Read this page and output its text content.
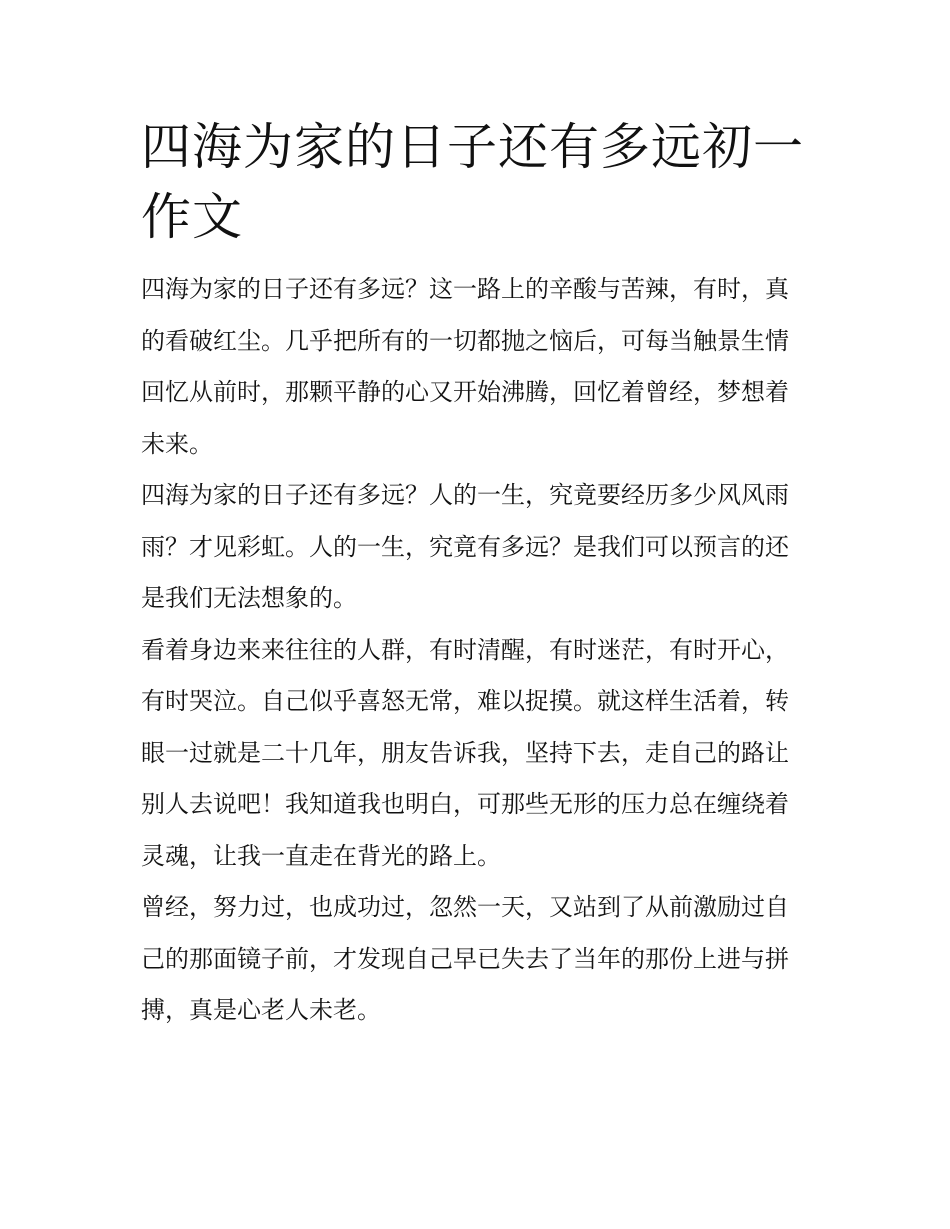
四海为家的日子还有多远初一
作文
四海为家的日子还有多远？这一路上的辛酸与苦辣，有时，真
的看破红尘。几乎把所有的一切都抛之恼后，可每当触景生情
回忆从前时，那颗平静的心又开始沸腾，回忆着曾经，梦想着
未来。
四海为家的日子还有多远？人的一生，究竟要经历多少风风雨
雨？才见彩虹。人的一生，究竟有多远？是我们可以预言的还
是我们无法想象的。
看着身边来来往往的人群，有时清醒，有时迷茫，有时开心，
有时哭泣。自己似乎喜怒无常，难以捉摸。就这样生活着，转
眼一过就是二十几年，朋友告诉我，坚持下去，走自己的路让
别人去说吧！我知道我也明白，可那些无形的压力总在缠绕着
灵魂，让我一直走在背光的路上。
曾经，努力过，也成功过，忽然一天，又站到了从前激励过自
己的那面镜子前，才发现自己早已失去了当年的那份上进与拼
搏，真是心老人未老。
